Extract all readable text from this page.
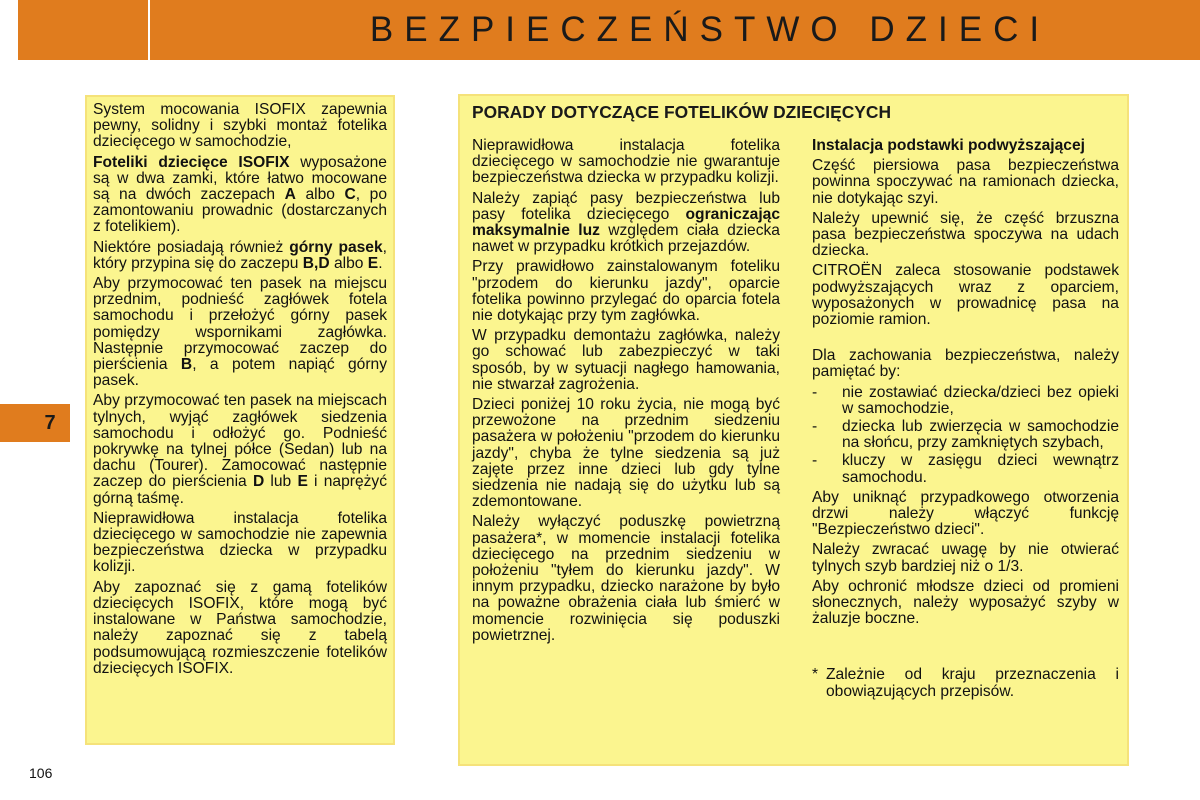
BEZPIECZEŃSTWO DZIECI
7

System mocowania ISOFIX zapewnia pewny, solidny i szybki montaż fotelika dziecięcego w samochodzie,

Foteliki dziecięce ISOFIX wyposażone są w dwa zamki, które łatwo mocowane są na dwóch zaczepach A albo C, po zamontowaniu prowadnic (dostarczanych z fotelikiem).

Niektóre posiadają również górny pasek, który przypina się do zaczepu B,D albo E.

Aby przymocować ten pasek na miejscu przednim, podnieść zagłówek fotela samochodu i przełożyć górny pasek pomiędzy wspornikami zagłówka. Następnie przymocować zaczep do pierścienia B, a potem napiąć górny pasek.

Aby przymocować ten pasek na miejscach tylnych, wyjąć zagłówek siedzenia samochodu i odłożyć go. Podnieść pokrywkę na tylnej półce (Sedan) lub na dachu (Tourer). Zamocować następnie zaczep do pierścienia D lub E i naprężyć górną taśmę.

Nieprawidłowa instalacja fotelika dziecięcego w samochodzie nie zapewnia bezpieczeństwa dziecka w przypadku kolizji.

Aby zapoznać się z gamą fotelików dziecięcych ISOFIX, które mogą być instalowane w Państwa samochodzie, należy zapoznać się z tabelą podsumowującą rozmieszczenie fotelików dziecięcych ISOFIX.

PORADY DOTYCZĄCE FOTELIKÓW DZIECIĘCYCH

Nieprawidłowa instalacja fotelika dziecięcego w samochodzie nie gwarantuje bezpieczeństwa dziecka w przypadku kolizji.

Należy zapiąć pasy bezpieczeństwa lub pasy fotelika dziecięcego ograniczając maksymalnie luz względem ciała dziecka nawet w przypadku krótkich przejazdów.

Przy prawidłowo zainstalowanym foteliku "przodem do kierunku jazdy", oparcie fotelika powinno przylegać do oparcia fotela nie dotykając przy tym zagłówka.

W przypadku demontażu zagłówka, należy go schować lub zabezpieczyć w taki sposób, by w sytuacji nagłego hamowania, nie stwarzał zagrożenia.

Dzieci poniżej 10 roku życia, nie mogą być przewożone na przednim siedzeniu pasażera w położeniu "przodem do kierunku jazdy", chyba że tylne siedzenia są już zajęte przez inne dzieci lub gdy tylne siedzenia nie nadają się do użytku lub są zdemontowane.

Należy wyłączyć poduszkę powietrzną pasażera*, w momencie instalacji fotelika dziecięcego na przednim siedzeniu w położeniu "tyłem do kierunku jazdy". W innym przypadku, dziecko narażone by było na poważne obrażenia ciała lub śmierć w momencie rozwinięcia się poduszki powietrznej.

Instalacja podstawki podwyższającej

Część piersiowa pasa bezpieczeństwa powinna spoczywać na ramionach dziecka, nie dotykając szyi.

Należy upewnić się, że część brzuszna pasa bezpieczeństwa spoczywa na udach dziecka.

CITROËN zaleca stosowanie podstawek podwyższających wraz z oparciem, wyposażonych w prowadnicę pasa na poziomie ramion.

Dla zachowania bezpieczeństwa, należy pamiętać by:

-	nie zostawiać dziecka/dzieci bez opieki w samochodzie,
-	dziecka lub zwierzęcia w samochodzie na słońcu, przy zamkniętych szybach,
-	kluczy w zasięgu dzieci wewnątrz samochodu.

Aby uniknąć przypadkowego otworzenia drzwi należy włączyć funkcję "Bezpieczeństwo dzieci".

Należy zwracać uwagę by nie otwierać tylnych szyb bardziej niż o 1/3.

Aby ochronić młodsze dzieci od promieni słonecznych, należy wyposażyć szyby w żaluzje boczne.

* Zależnie od kraju przeznaczenia i obowiązujących przepisów.
106
